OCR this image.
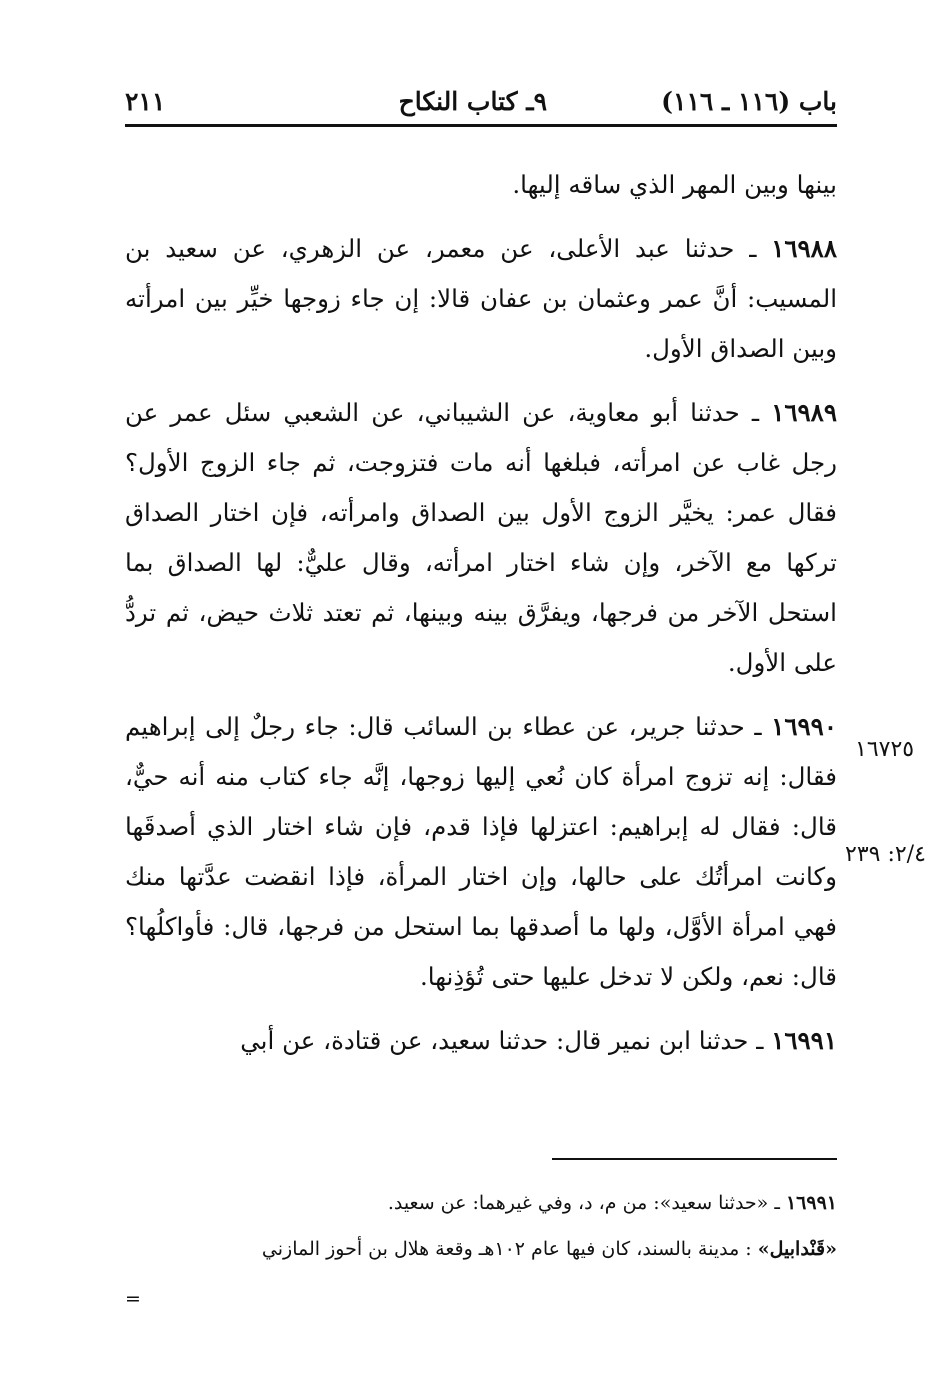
باب (١١٦ ـ ١١٦)
٩ـ كتاب النكاح
٢١١

بينها وبين المهر الذي ساقه إليها.

١٦٩٨٨ ـ حدثنا عبد الأعلى، عن معمر، عن الزهري، عن سعيد بن المسيب: أنَّ عمر وعثمان بن عفان قالا: إن جاء زوجها خيِّر بين امرأته وبين الصداق الأول.

١٦٩٨٩ ـ حدثنا أبو معاوية، عن الشيباني، عن الشعبي سئل عمر عن رجل غاب عن امرأته، فبلغها أنه مات فتزوجت، ثم جاء الزوج الأول؟ فقال عمر: يخيَّر الزوج الأول بين الصداق وامرأته، فإن اختار الصداق تركها مع الآخر، وإن شاء اختار امرأته، وقال عليٌّ: لها الصداق بما استحل الآخر من فرجها، ويفرَّق بينه وبينها، ثم تعتد ثلاث حيض، ثم تردُّ على الأول.

١٦٩٩٠ ـ حدثنا جرير، عن عطاء بن السائب قال: جاء رجلٌ إلى إبراهيم فقال: إنه تزوج امرأة كان نُعي إليها زوجها، إنَّه جاء كتاب منه أنه حيٌّ، قال: فقال له إبراهيم: اعتزلها فإذا قدم، فإن شاء اختار الذي أصدقَها وكانت امرأتُك على حالها، وإن اختار المرأة، فإذا انقضت عدَّتها منك فهي امرأة الأوَّل، ولها ما أصدقها بما استحل من فرجها، قال: فأواكلُها؟ قال: نعم، ولكن لا تدخل عليها حتى تُؤذِنها.

١٦٩٩١ ـ حدثنا ابن نمير قال: حدثنا سعيد، عن قتادة، عن أبي

١٦٧٢٥
٢/٤: ٢٣٩

١٦٩٩١ ـ «حدثنا سعيد»: من م، د، وفي غيرهما: عن سعيد.

«قَنْدابيل» : مدينة بالسند، كان فيها عام ١٠٢هـ وقعة هلال بن أحوز المازني

=
